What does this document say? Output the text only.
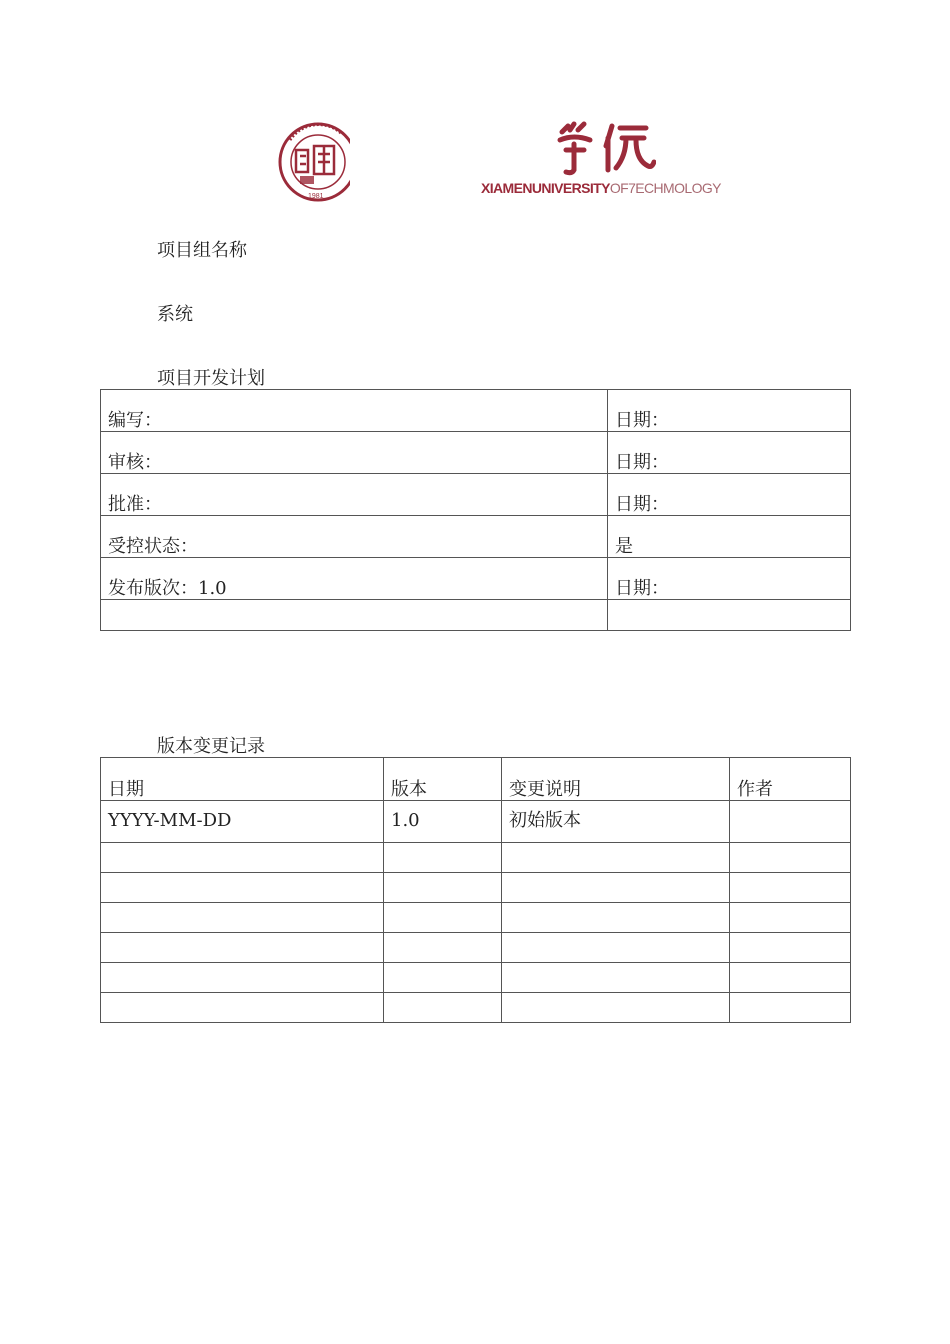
1981
XIAMENUNIVERSITYOF7ECHMOLOGY
项目组名称
系统
项目开发计划
编写：	日期：
审核：	日期：
批准：	日期：
受控状态：	是
发布版次：1.0	日期：

版本变更记录
日期	版本	变更说明	作者
YYYY-MM-DD	1.0	初始版本	
